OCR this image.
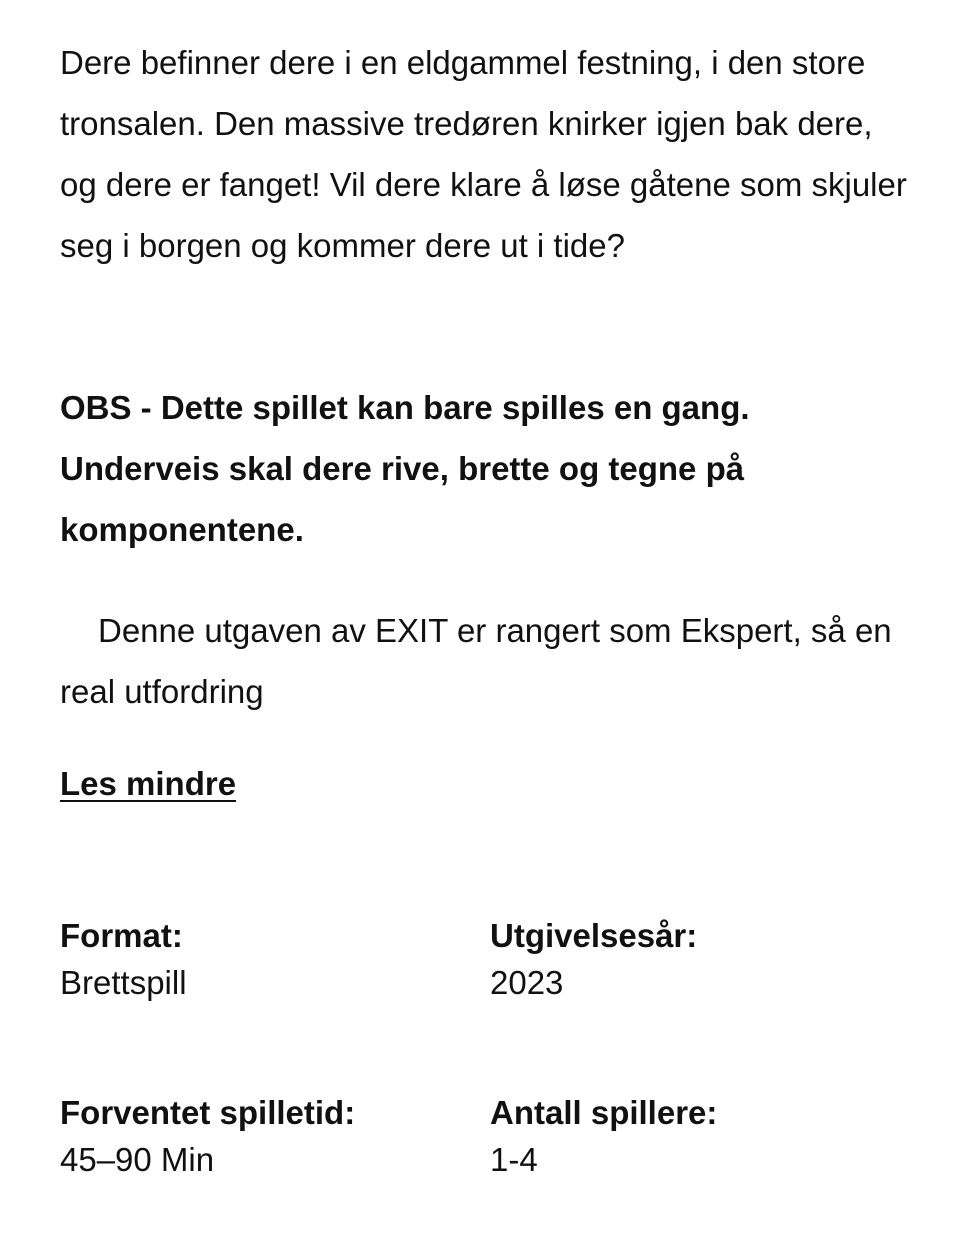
Dere befinner dere i en eldgammel festning, i den store tronsalen. Den massive tredøren knirker igjen bak dere, og dere er fanget! Vil dere klare å løse gåtene som skjuler seg i borgen og kommer dere ut i tide?

OBS - Dette spillet kan bare spilles en gang. Underveis skal dere rive, brette og tegne på komponentene.

Denne utgaven av EXIT er rangert som Ekspert, så en real utfordring

Les mindre
Format:
Brettspill
Utgivelsesår:
2023
Forventet spilletid:
45–90 Min
Antall spillere:
1-4
